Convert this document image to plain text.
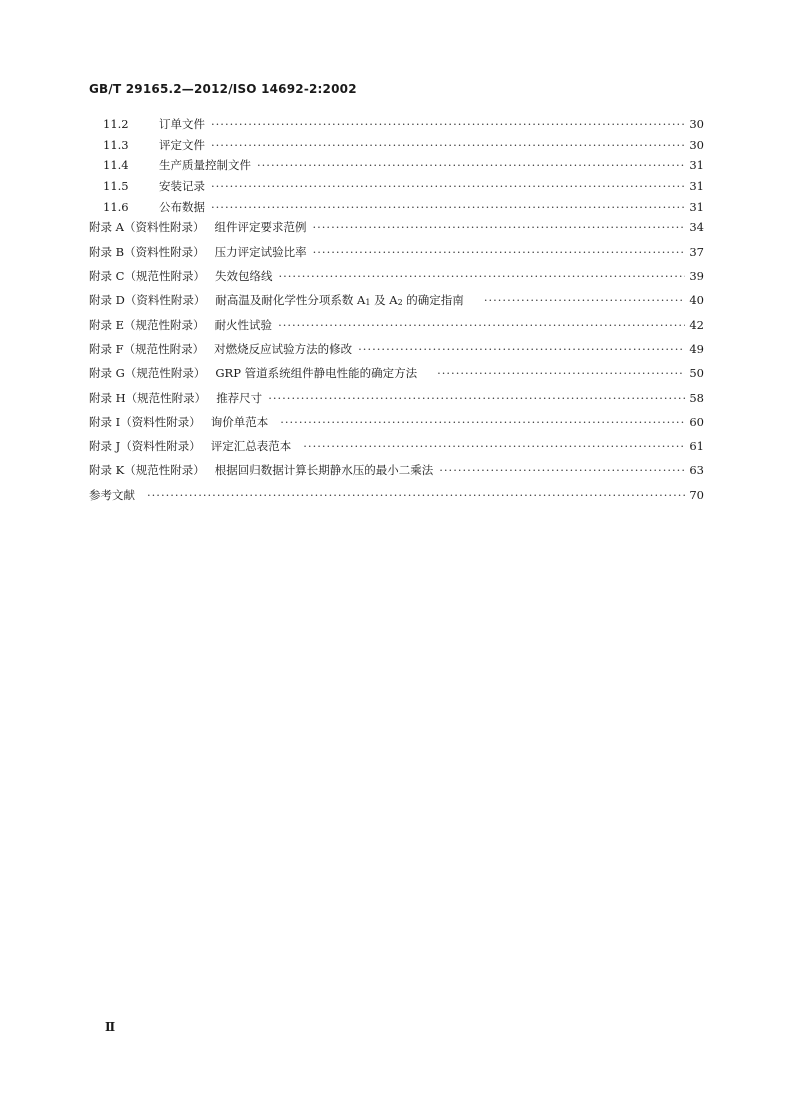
GB/T 29165.2—2012/ISO 14692-2:2002
11.2	订单文件 ·····	30
11.3	评定文件 ·····	30
11.4	生产质量控制文件 ·····	31
11.5	安装记录 ·····	31
11.6	公布数据 ·····	31
附录 A（资料性附录） 组件评定要求范例 ·····	34
附录 B（资料性附录） 压力评定试验比率 ·····	37
附录 C（规范性附录） 失效包络线 ·····	39
附录 D（资料性附录） 耐高温及耐化学性分项系数 $A_1$ 及 $A_2$ 的确定指南 ·····	40
附录 E（规范性附录） 耐火性试验 ·····	42
附录 F（规范性附录） 对燃烧反应试验方法的修改 ·····	49
附录 G（规范性附录） GRP 管道系统组件静电性能的确定方法 ·····	50
附录 H（规范性附录） 推荐尺寸 ·····	58
附录 I（资料性附录） 询价单范本 ·····	60
附录 J（资料性附录） 评定汇总表范本 ·····	61
附录 K（规范性附录） 根据回归数据计算长期静水压的最小二乘法 ·····	63
参考文献 ·····	70
Ⅱ
